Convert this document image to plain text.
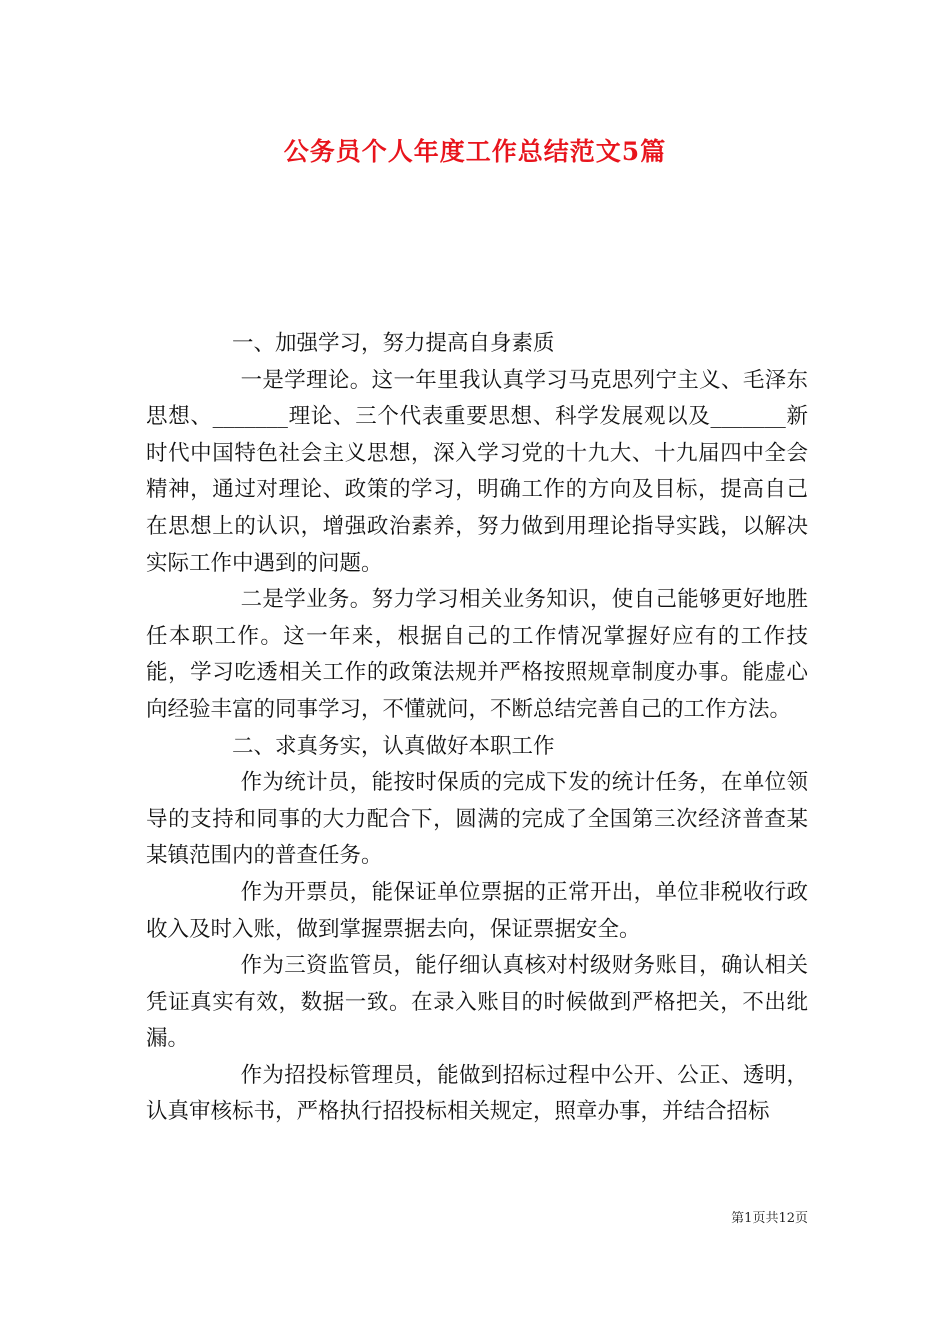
公务员个人年度工作总结范文5篇

一、加强学习，努力提高自身素质

一是学理论。这一年里我认真学习马克思列宁主义、毛泽东思想、_______理论、三个代表重要思想、科学发展观以及_______新时代中国特色社会主义思想，深入学习党的十九大、十九届四中全会精神，通过对理论、政策的学习，明确工作的方向及目标，提高自己在思想上的认识，增强政治素养，努力做到用理论指导实践，以解决实际工作中遇到的问题。

二是学业务。努力学习相关业务知识，使自己能够更好地胜任本职工作。这一年来，根据自己的工作情况掌握好应有的工作技能，学习吃透相关工作的政策法规并严格按照规章制度办事。能虚心向经验丰富的同事学习，不懂就问，不断总结完善自己的工作方法。

二、求真务实，认真做好本职工作

作为统计员，能按时保质的完成下发的统计任务，在单位领导的支持和同事的大力配合下，圆满的完成了全国第三次经济普查某某镇范围内的普查任务。

作为开票员，能保证单位票据的正常开出，单位非税收行政收入及时入账，做到掌握票据去向，保证票据安全。

作为三资监管员，能仔细认真核对村级财务账目，确认相关凭证真实有效，数据一致。在录入账目的时候做到严格把关，不出纰漏。

作为招投标管理员，能做到招标过程中公开、公正、透明，认真审核标书，严格执行招投标相关规定，照章办事，并结合招标

第1页共12页
